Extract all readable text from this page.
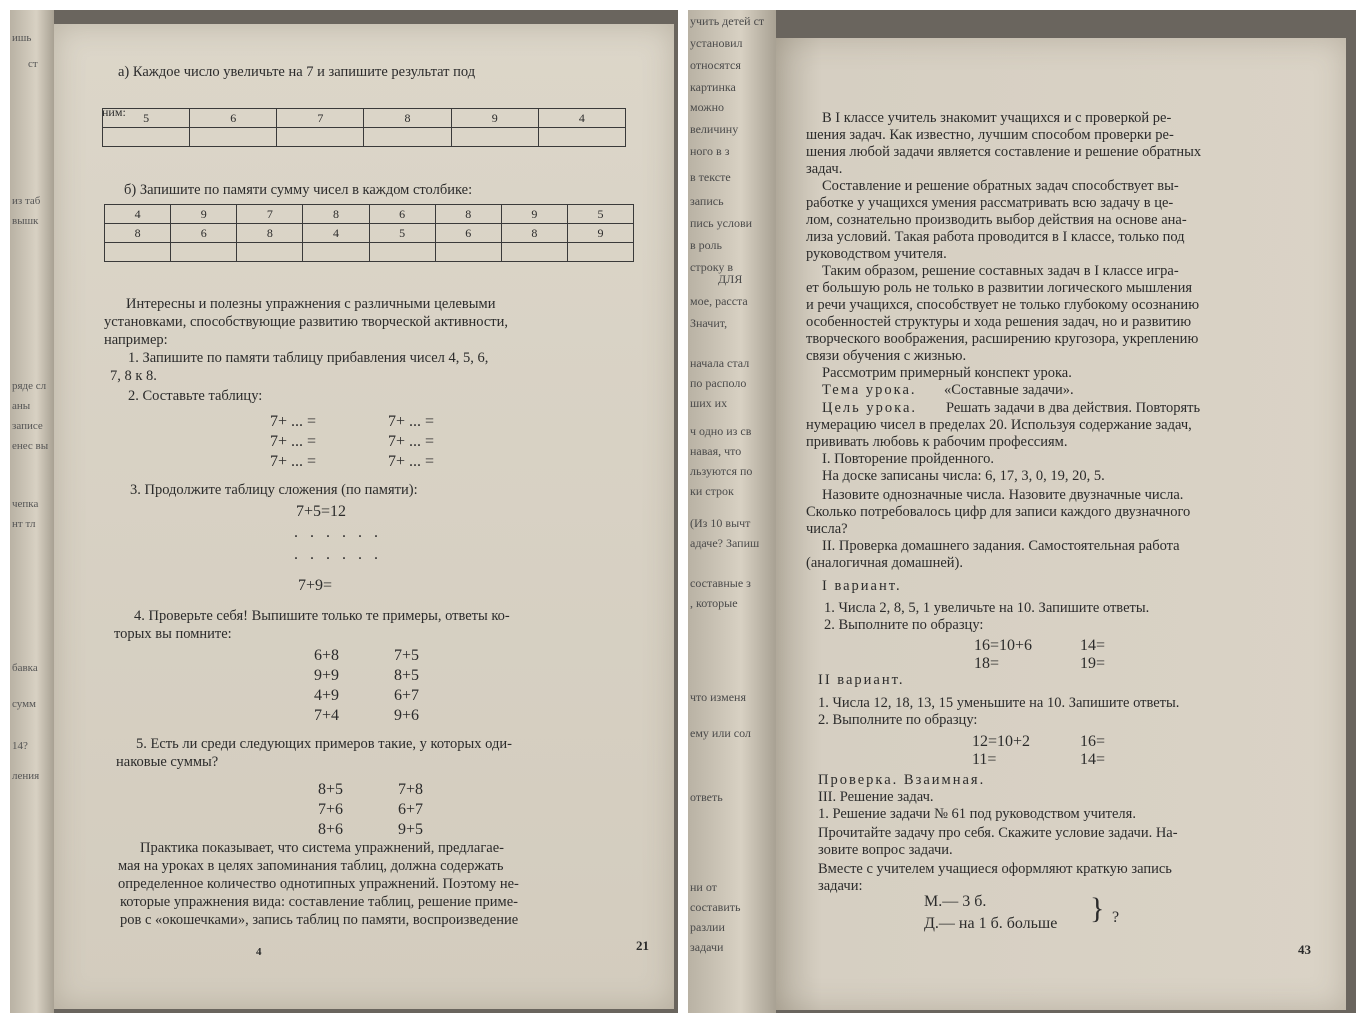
ишь
ст
из таб
вышк
ряде сл
аны
записе
енес вы
чепка
нт тл
бавка
сумм
14?
ления
а) Каждое число увеличьте на 7 и запишите результат под
ним: 5	6	7	8	9	4

б) Запишите по памяти сумму чисел в каждом столбике:
4	9	7	8	6	8	9	5
8	6	8	4	5	6	8	9

Интересны и полезны упражнения с различными целевыми
установками, способствующие развитию творческой активности,
например:
1. Запишите по памяти таблицу прибавления чисел 4, 5, 6,
7, 8 к 8.
2. Составьте таблицу:
7+ ... =	7+ ... =
7+ ... =	7+ ... =
7+ ... =	7+ ... =
3. Продолжите таблицу сложения (по памяти):
7+5=12
......
......
7+9=
4. Проверьте себя! Выпишите только те примеры, ответы ко-
торых вы помните:
6+8	7+5
9+9	8+5
4+9	6+7
7+4	9+6
5. Есть ли среди следующих примеров такие, у которых оди-
наковые суммы?
8+5	7+8
7+6	6+7
8+6	9+5
Практика показывает, что система упражнений, предлагае-
мая на уроках в целях запоминания таблиц, должна содержать
определенное количество однотипных упражнений. Поэтому не-
которые упражнения вида: составление таблиц, решение приме-
ров с «окошечками», запись таблиц по памяти, воспроизведение
4	21
учить детей ст
установил
относятся
картинка
можно
величину
ного в з
в тексте
запись
пись услови
в роль
строку в
ДЛЯ
мое, расста
Значит,
начала стал
по располо
ших их
ч одно из св
навая, что
льзуются по
ки строк
(Из 10 вычт
адаче? Запиш
составные з
, которые
что изменя
ему или сол
ответь
ни от
составить
разлии
задачи
В I классе учитель знакомит учащихся и с проверкой ре-
шения задач. Как известно, лучшим способом проверки ре-
шения любой задачи является составление и решение обратных
задач.
Составление и решение обратных задач способствует вы-
работке у учащихся умения рассматривать всю задачу в це-
лом, сознательно производить выбор действия на основе ана-
лиза условий. Такая работа проводится в I классе, только под
руководством учителя.
Таким образом, решение составных задач в I классе игра-
ет большую роль не только в развитии логического мышления
и речи учащихся, способствует не только глубокому осознанию
особенностей структуры и хода решения задач, но и развитию
творческого воображения, расширению кругозора, укреплению
связи обучения с жизнью.
Рассмотрим примерный конспект урока.
Тема урока. «Составные задачи».
Цель урока. Решать задачи в два действия. Повторять
нумерацию чисел в пределах 20. Используя содержание задач,
прививать любовь к рабочим профессиям.
I. Повторение пройденного.
На доске записаны числа: 6, 17, 3, 0, 19, 20, 5.
Назовите однозначные числа. Назовите двузначные числа.
Сколько потребовалось цифр для записи каждого двузначного
числа?
II. Проверка домашнего задания. Самостоятельная работа
(аналогичная домашней).
I вариант.
1. Числа 2, 8, 5, 1 увеличьте на 10. Запишите ответы.
2. Выполните по образцу:
16=10+6	14=
18=	19=
II вариант.
1. Числа 12, 18, 13, 15 уменьшите на 10. Запишите ответы.
2. Выполните по образцу:
12=10+2	16=
11=	14=
Проверка. Взаимная.
III. Решение задач.
1. Решение задачи № 61 под руководством учителя.
Прочитайте задачу про себя. Скажите условие задачи. На-
зовите вопрос задачи.
Вместе с учителем учащиеся оформляют краткую запись
задачи:
М.— 3 б.
Д.— на 1 б. больше } ?
43
